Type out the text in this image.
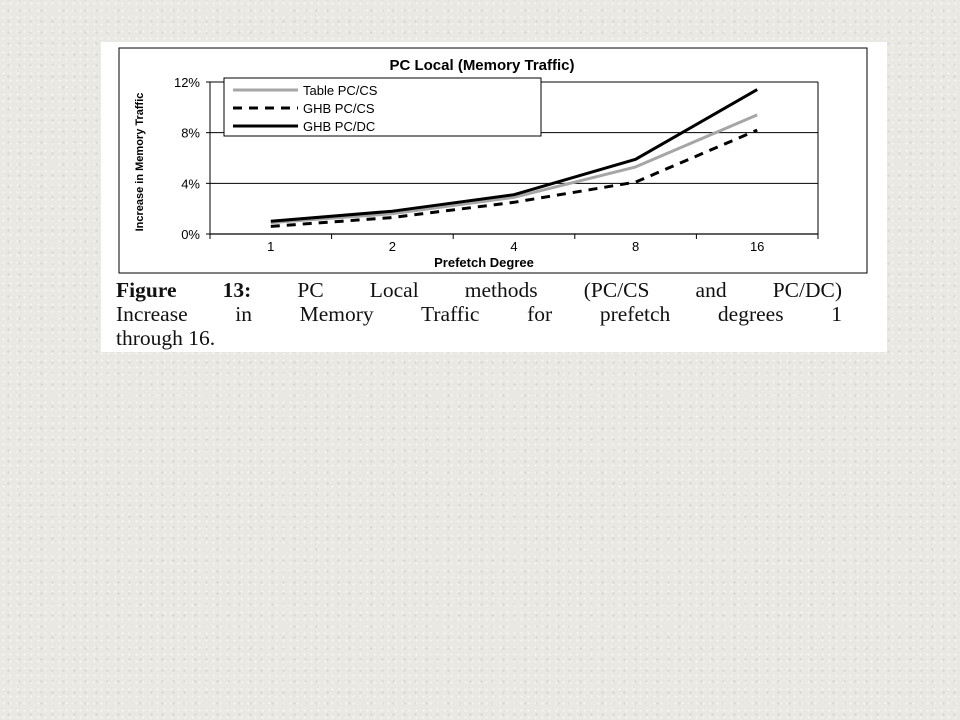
PC Local (Memory Traffic)
0%
4%
8%
12%
1	2	4	8	16
Prefetch Degree
Increase in Memory Traffic
Table PC/CS
GHB PC/CS
GHB PC/DC
Figure 13: PC Local methods (PC/CS and PC/DC)
Increase in Memory Traffic for prefetch degrees 1
through 16.
